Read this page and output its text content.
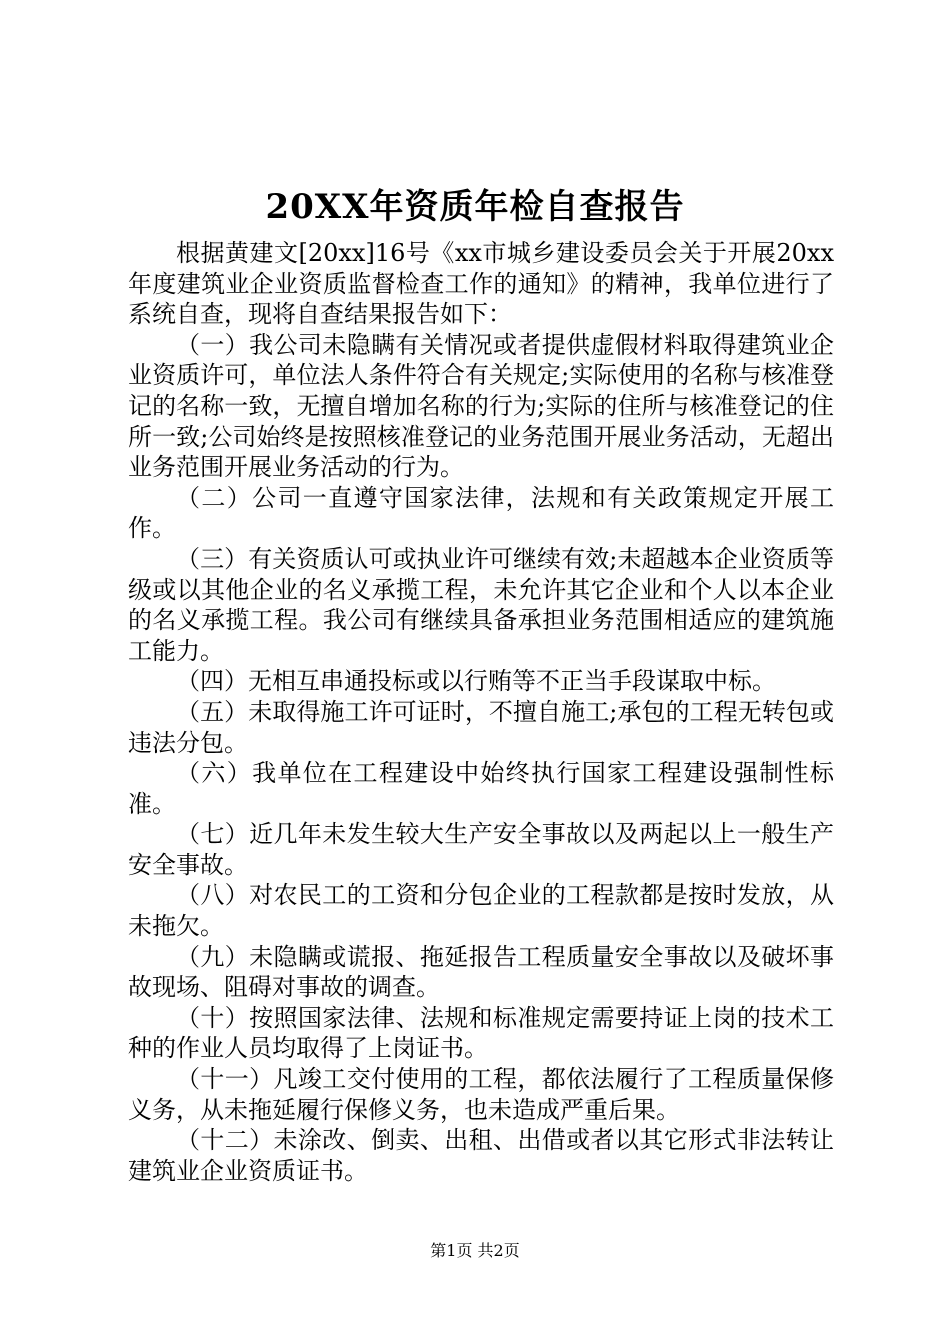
20XX年资质年检自查报告

根据黄建文[20xx]16号《xx市城乡建设委员会关于开展20xx年度建筑业企业资质监督检查工作的通知》的精神，我单位进行了系统自查，现将自查结果报告如下：

（一）我公司未隐瞒有关情况或者提供虚假材料取得建筑业企业资质许可，单位法人条件符合有关规定;实际使用的名称与核准登记的名称一致，无擅自增加名称的行为;实际的住所与核准登记的住所一致;公司始终是按照核准登记的业务范围开展业务活动，无超出业务范围开展业务活动的行为。

（二）公司一直遵守国家法律，法规和有关政策规定开展工作。

（三）有关资质认可或执业许可继续有效;未超越本企业资质等级或以其他企业的名义承揽工程，未允许其它企业和个人以本企业的名义承揽工程。我公司有继续具备承担业务范围相适应的建筑施工能力。

（四）无相互串通投标或以行贿等不正当手段谋取中标。

（五）未取得施工许可证时，不擅自施工;承包的工程无转包或违法分包。

（六）我单位在工程建设中始终执行国家工程建设强制性标准。

（七）近几年未发生较大生产安全事故以及两起以上一般生产安全事故。

（八）对农民工的工资和分包企业的工程款都是按时发放，从未拖欠。

（九）未隐瞒或谎报、拖延报告工程质量安全事故以及破坏事故现场、阻碍对事故的调查。

（十）按照国家法律、法规和标准规定需要持证上岗的技术工种的作业人员均取得了上岗证书。

（十一）凡竣工交付使用的工程，都依法履行了工程质量保修义务，从未拖延履行保修义务，也未造成严重后果。

（十二）未涂改、倒卖、出租、出借或者以其它形式非法转让建筑业企业资质证书。

第1页 共2页
